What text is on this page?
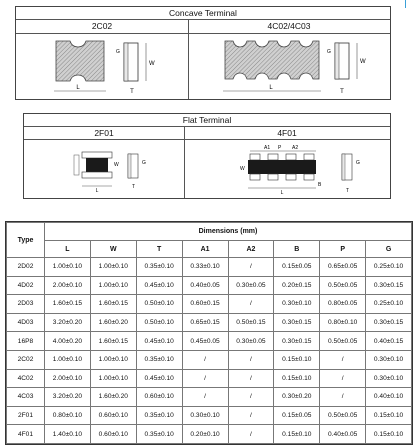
Concave Terminal
2C02	4C02/4C03
L
W
T
G
L
W
T
G
Flat Terminal
2F01	4F01
L
W	G
T
A1 P A2
W
L
B
G
T
Type	Dimensions (mm)							
	L	W	T	A1	A2	B	P	G
2D02	1.00±0.10	1.00±0.10	0.35±0.10	0.33±0.10	/	0.15±0.05	0.65±0.05	0.25±0.10
4D02	2.00±0.10	1.00±0.10	0.45±0.10	0.40±0.05	0.30±0.05	0.20±0.15	0.50±0.05	0.30±0.15
2D03	1.60±0.15	1.60±0.15	0.50±0.10	0.60±0.15	/	0.30±0.10	0.80±0.05	0.25±0.10
4D03	3.20±0.20	1.60±0.20	0.50±0.10	0.65±0.15	0.50±0.15	0.30±0.15	0.80±0.10	0.30±0.15
16P8	4.00±0.20	1.60±0.15	0.45±0.10	0.45±0.05	0.30±0.05	0.30±0.15	0.50±0.05	0.40±0.15
2C02	1.00±0.10	1.00±0.10	0.35±0.10	/	/	0.15±0.10	/	0.30±0.10
4C02	2.00±0.10	1.00±0.10	0.45±0.10	/	/	0.15±0.10	/	0.30±0.10
4C03	3.20±0.20	1.60±0.20	0.60±0.10	/	/	0.30±0.20	/	0.40±0.10
2F01	0.80±0.10	0.60±0.10	0.35±0.10	0.30±0.10	/	0.15±0.05	0.50±0.05	0.15±0.10
4F01	1.40±0.10	0.60±0.10	0.35±0.10	0.20±0.10	/	0.15±0.10	0.40±0.05	0.15±0.10
